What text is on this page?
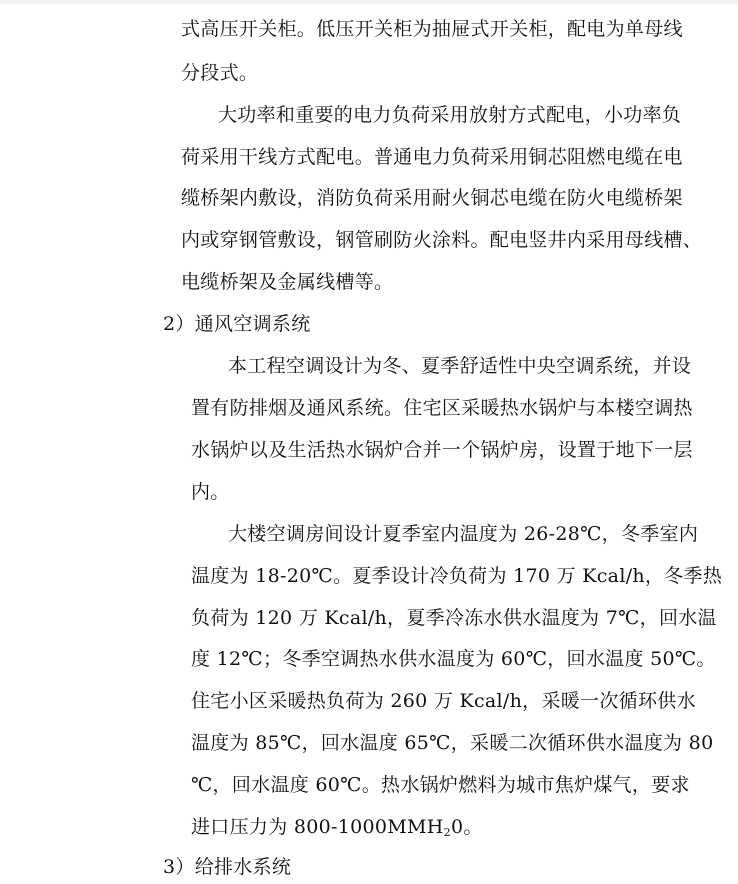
式高压开关柜。低压开关柜为抽屉式开关柜，配电为单母线
分段式。
大功率和重要的电力负荷采用放射方式配电，小功率负
荷采用干线方式配电。普通电力负荷采用铜芯阻燃电缆在电
缆桥架内敷设，消防负荷采用耐火铜芯电缆在防火电缆桥架
内或穿钢管敷设，钢管刷防火涂料。配电竖井内采用母线槽、
电缆桥架及金属线槽等。
2）通风空调系统
本工程空调设计为冬、夏季舒适性中央空调系统，并设
置有防排烟及通风系统。住宅区采暖热水锅炉与本楼空调热
水锅炉以及生活热水锅炉合并一个锅炉房，设置于地下一层
内。
大楼空调房间设计夏季室内温度为 26-28℃，冬季室内
温度为 18-20℃。夏季设计冷负荷为 170 万 Kcal/h，冬季热
负荷为 120 万 Kcal/h，夏季冷冻水供水温度为 7℃，回水温
度 12℃；冬季空调热水供水温度为 60℃，回水温度 50℃。
住宅小区采暖热负荷为 260 万 Kcal/h，采暖一次循环供水
温度为 85℃，回水温度 65℃，采暖二次循环供水温度为 80
℃，回水温度 60℃。热水锅炉燃料为城市焦炉煤气，要求
进口压力为 $800-1000MMH_20$。
3）给排水系统
